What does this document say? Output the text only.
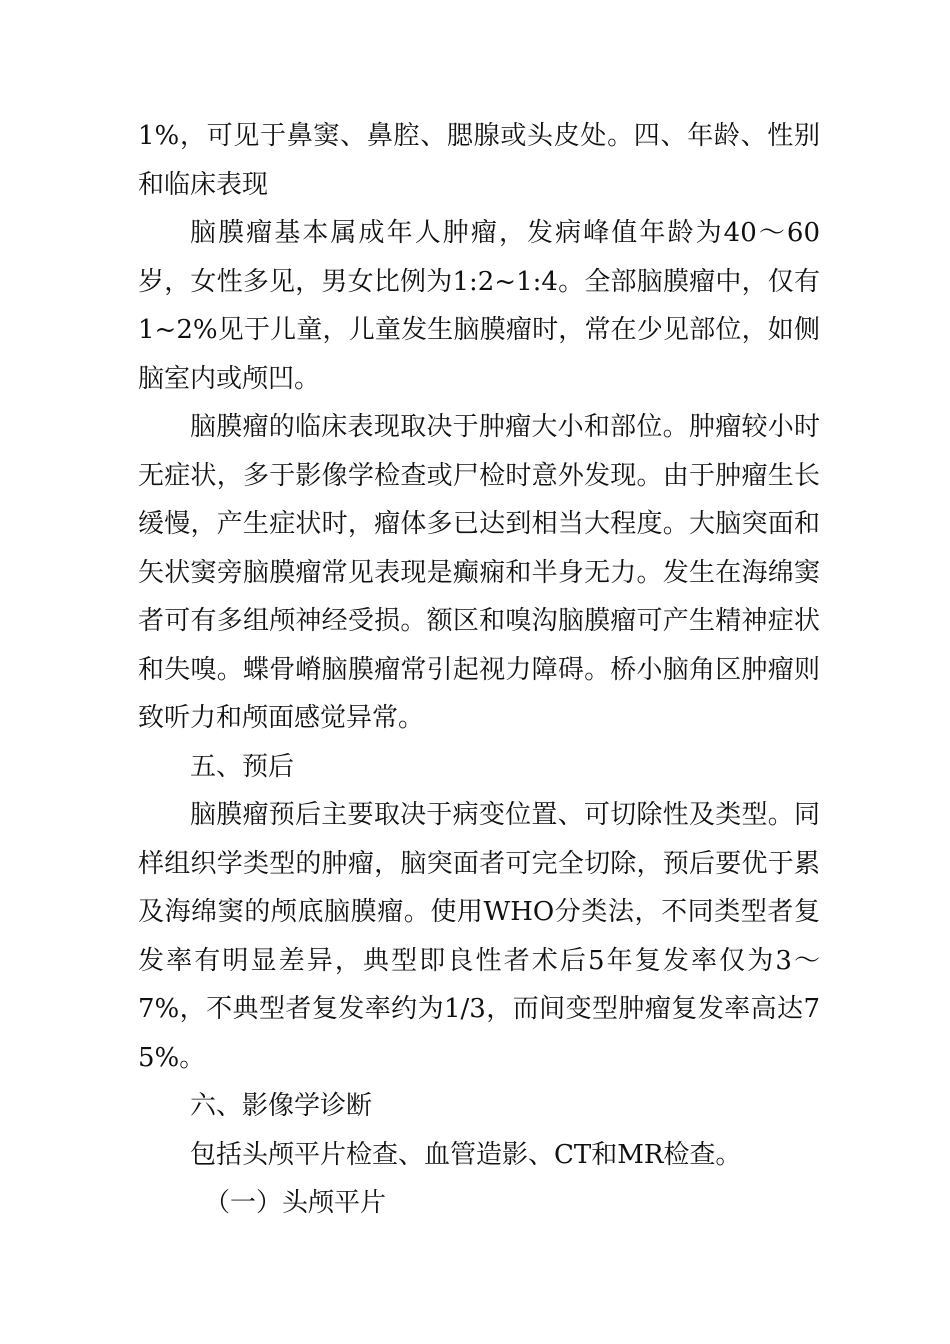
1%，可见于鼻窦、鼻腔、腮腺或头皮处。四、年龄、性别和临床表现

脑膜瘤基本属成年人肿瘤，发病峰值年龄为40～60岁，女性多见，男女比例为1:2~1:4。全部脑膜瘤中，仅有1~2%见于儿童，儿童发生脑膜瘤时，常在少见部位，如侧脑室内或颅凹。

脑膜瘤的临床表现取决于肿瘤大小和部位。肿瘤较小时无症状，多于影像学检查或尸检时意外发现。由于肿瘤生长缓慢，产生症状时，瘤体多已达到相当大程度。大脑突面和矢状窦旁脑膜瘤常见表现是癫痫和半身无力。发生在海绵窦者可有多组颅神经受损。额区和嗅沟脑膜瘤可产生精神症状和失嗅。蝶骨嵴脑膜瘤常引起视力障碍。桥小脑角区肿瘤则致听力和颅面感觉异常。

五、预后

脑膜瘤预后主要取决于病变位置、可切除性及类型。同样组织学类型的肿瘤，脑突面者可完全切除，预后要优于累及海绵窦的颅底脑膜瘤。使用WHO分类法，不同类型者复发率有明显差异，典型即良性者术后5年复发率仅为3～7%，不典型者复发率约为1/3，而间变型肿瘤复发率高达75%。

六、影像学诊断

包括头颅平片检查、血管造影、CT和MR检查。

（一）头颅平片
